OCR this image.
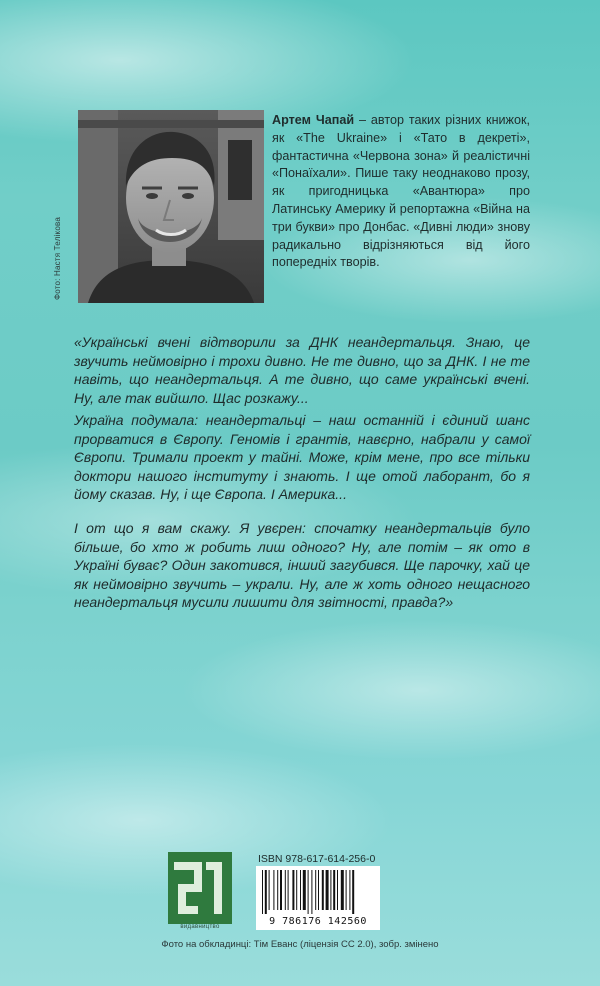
Фото: Настя Телікова
Артем Чапай – автор таких різних книжок, як «The Ukraine» і «Тато в декреті», фантастична «Червона зона» й реалістичні «Понаїхали». Пише таку неоднаково прозу, як пригодницька «Авантюра» про Латинську Америку й репортажна «Війна на три букви» про Донбас. «Дивні люди» знову радикально відрізняються від його попередніх творів.

«Українські вчені відтворили за ДНК неандертальця. Знаю, це звучить неймовірно і трохи дивно. Не те дивно, що за ДНК. І не те навіть, що неандертальця. А те дивно, що саме українські вчені. Ну, але так вийшло. Щас розкажу...

Україна подумала: неандертальці – наш останній і єдиний шанс прорватися в Європу. Геномів і грантів, навєрно, набрали у самої Європи. Тримали проект у тайні. Може, крім мене, про все тільки доктори нашого інституту і знають. І ще отой лаборант, бо я йому сказав. Ну, і ще Європа. І Америка...

І от що я вам скажу. Я увєрен: спочатку неандертальців було більше, бо хто ж робить лиш одного? Ну, але потім – як ото в Україні буває? Один закотився, інший загубився. Ще парочку, хай це як неймовірно звучить – украли. Ну, але ж хоть одного нещасного неандертальця мусили лишити для звітності, правда?»

видавництво
ISBN 978-617-614-256-0
9 786176 142560
Фото на обкладинці: Тім Еванс (ліцензія CC 2.0), зобр. змінено
